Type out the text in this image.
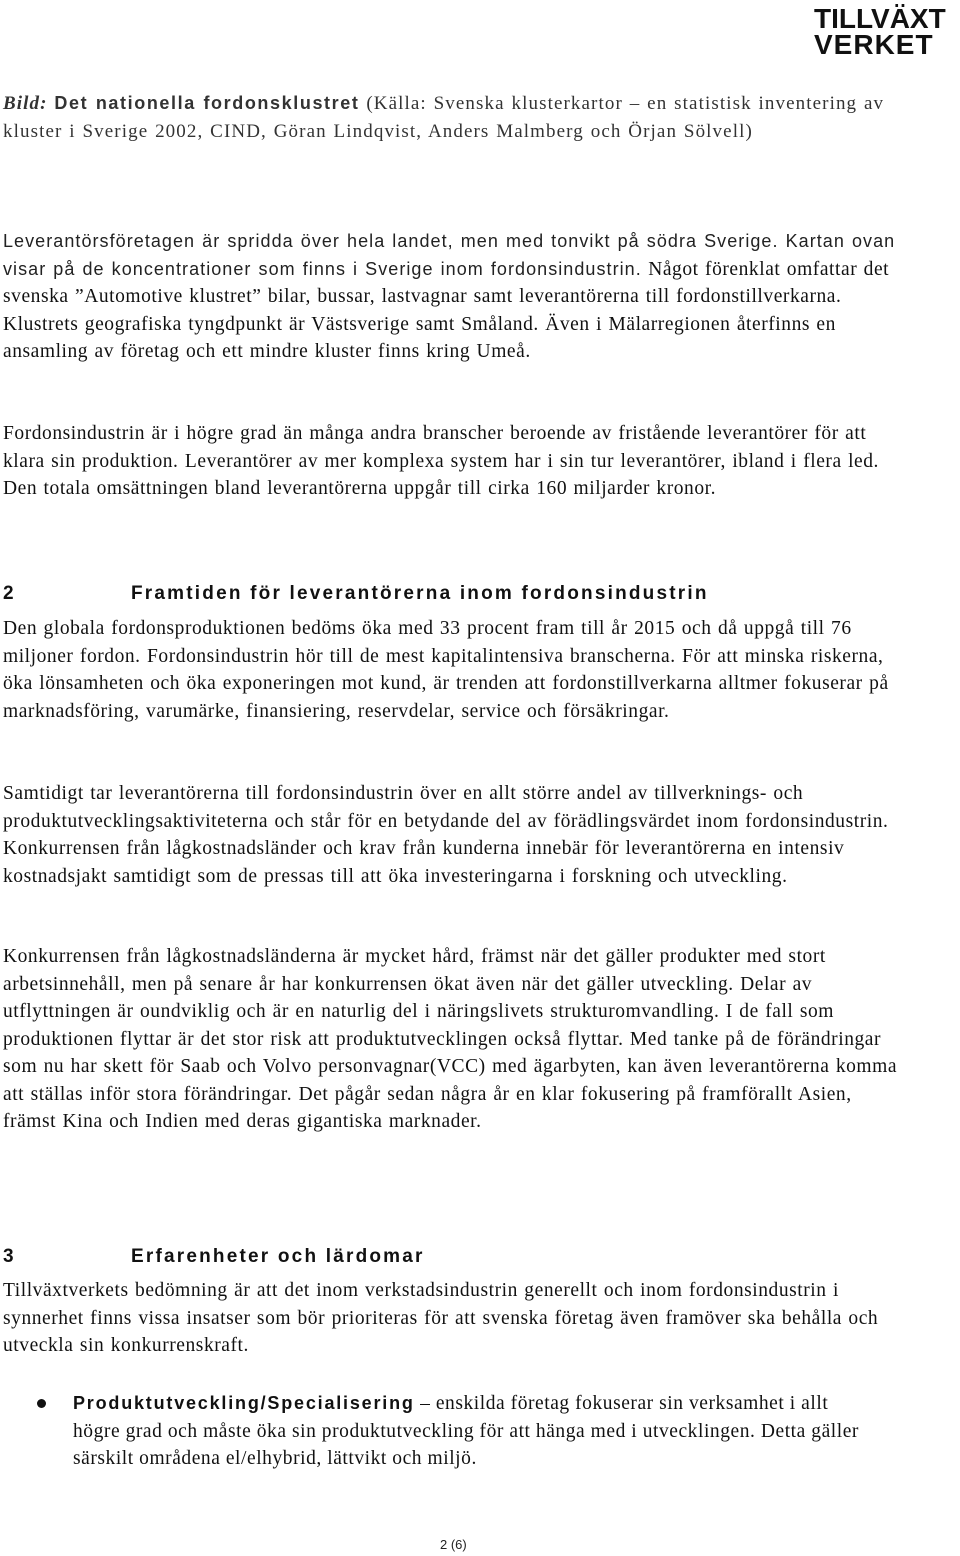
TILLVÄXT
VERKET

Bild: Det nationella fordonsklustret (Källa: Svenska klusterkartor – en statistisk inventering av kluster i Sverige 2002, CIND, Göran Lindqvist, Anders Malmberg och Örjan Sölvell)

Leverantörsföretagen är spridda över hela landet, men med tonvikt på södra Sverige. Kartan ovan visar på de koncentrationer som finns i Sverige inom fordonsindustrin. Något förenklat omfattar det svenska ”Automotive klustret” bilar, bussar, lastvagnar samt leverantörerna till fordonstillverkarna. Klustrets geografiska tyngdpunkt är Västsverige samt Småland. Även i Mälarregionen återfinns en ansamling av företag och ett mindre kluster finns kring Umeå.

Fordonsindustrin är i högre grad än många andra branscher beroende av fristående leverantörer för att klara sin produktion. Leverantörer av mer komplexa system har i sin tur leverantörer, ibland i flera led. Den totala omsättningen bland leverantörerna uppgår till cirka 160 miljarder kronor.

2	Framtiden för leverantörerna inom fordonsindustrin

Den globala fordonsproduktionen bedöms öka med 33 procent fram till år 2015 och då uppgå till 76 miljoner fordon. Fordonsindustrin hör till de mest kapitalintensiva branscherna. För att minska riskerna, öka lönsamheten och öka exponeringen mot kund, är trenden att fordonstillverkarna alltmer fokuserar på marknadsföring, varumärke, finansiering, reservdelar, service och försäkringar.

Samtidigt tar leverantörerna till fordonsindustrin över en allt större andel av tillverknings- och produktutvecklingsaktiviteterna och står för en betydande del av förädlingsvärdet inom fordonsindustrin. Konkurrensen från lågkostnadsländer och krav från kunderna innebär för leverantörerna en intensiv kostnadsjakt samtidigt som de pressas till att öka investeringarna i forskning och utveckling.

Konkurrensen från lågkostnadsländerna är mycket hård, främst när det gäller produkter med stort arbetsinnehåll, men på senare år har konkurrensen ökat även när det gäller utveckling. Delar av utflyttningen är oundviklig och är en naturlig del i näringslivets strukturomvandling. I de fall som produktionen flyttar är det stor risk att produktutvecklingen också flyttar. Med tanke på de förändringar som nu har skett för Saab och Volvo personvagnar(VCC) med ägarbyten, kan även leverantörerna komma att ställas inför stora förändringar. Det pågår sedan några år en klar fokusering på framförallt Asien, främst Kina och Indien med deras gigantiska marknader.

3	Erfarenheter och lärdomar

Tillväxtverkets bedömning är att det inom verkstadsindustrin generellt och inom fordonsindustrin i synnerhet finns vissa insatser som bör prioriteras för att svenska företag även framöver ska behålla och utveckla sin konkurrenskraft.

Produktutveckling/Specialisering – enskilda företag fokuserar sin verksamhet i allt högre grad och måste öka sin produktutveckling för att hänga med i utvecklingen. Detta gäller särskilt områdena el/elhybrid, lättvikt och miljö.

2 (6)
